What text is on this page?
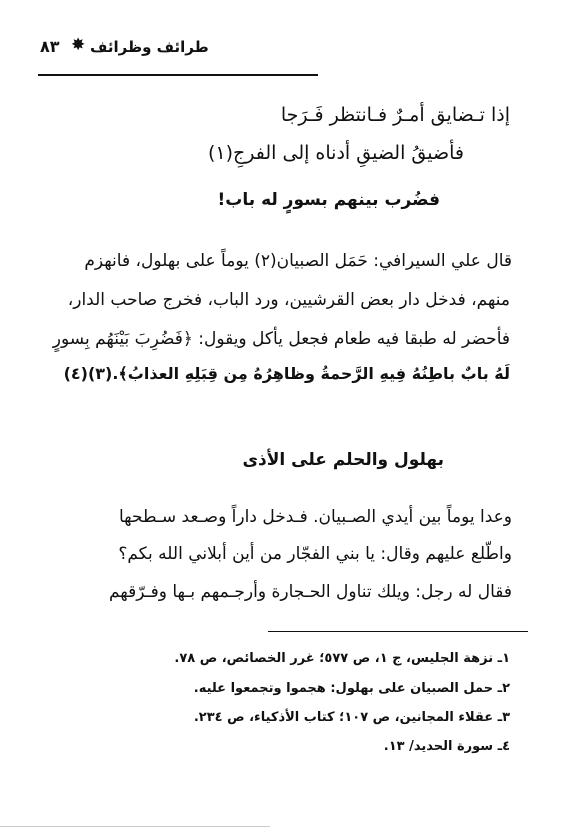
طرائف وظرائف
✸
٨٣
إذا تـضايق أمـرٌ فـانتظر فَـرَجا
فأضيقُ الضيقِ أدناه إلى الفرجِ(١)
فضُرب بينهم بسورٍ له باب!
قال علي السيرافي: حَمَل الصبيان(٢) يوماً على بهلول، فانهزم
منهم، فدخل دار بعض القرشيين، ورد الباب، فخرج صاحب الدار،
فأحضر له طبقا فيه طعام فجعل يأكل ويقول: ﴿فَضُرِبَ بَيْنَهُم بِسورٍ
لَهُ بابٌ باطِنُهُ فِيهِ الرَّحمةُ وظاهِرُهُ مِن قِبَلِهِ العذابُ﴾.(٣)(٤)
بهلول والحلم على الأذى
وعدا يوماً بين أيدي الصـبيان. فـدخل داراً وصـعد سـطحها
واطّلع عليهم وقال: يا بني الفجّار من أين أبلاني الله بكم؟
فقال له رجل: ويلك تناول الحـجارة وأرجـمهم بـها وفـرّقهم
١ـ نزهة الجليس، ج ١، ص ٥٧٧؛ غرر الخصائص، ص ٧٨.
٢ـ حمل الصبيان على بهلول: هجموا وتجمعوا عليه.
٣ـ عقلاء المجانين، ص ١٠٧؛ كتاب الأذكياء، ص ٢٣٤.
٤ـ سورة الحديد/ ١٣.
